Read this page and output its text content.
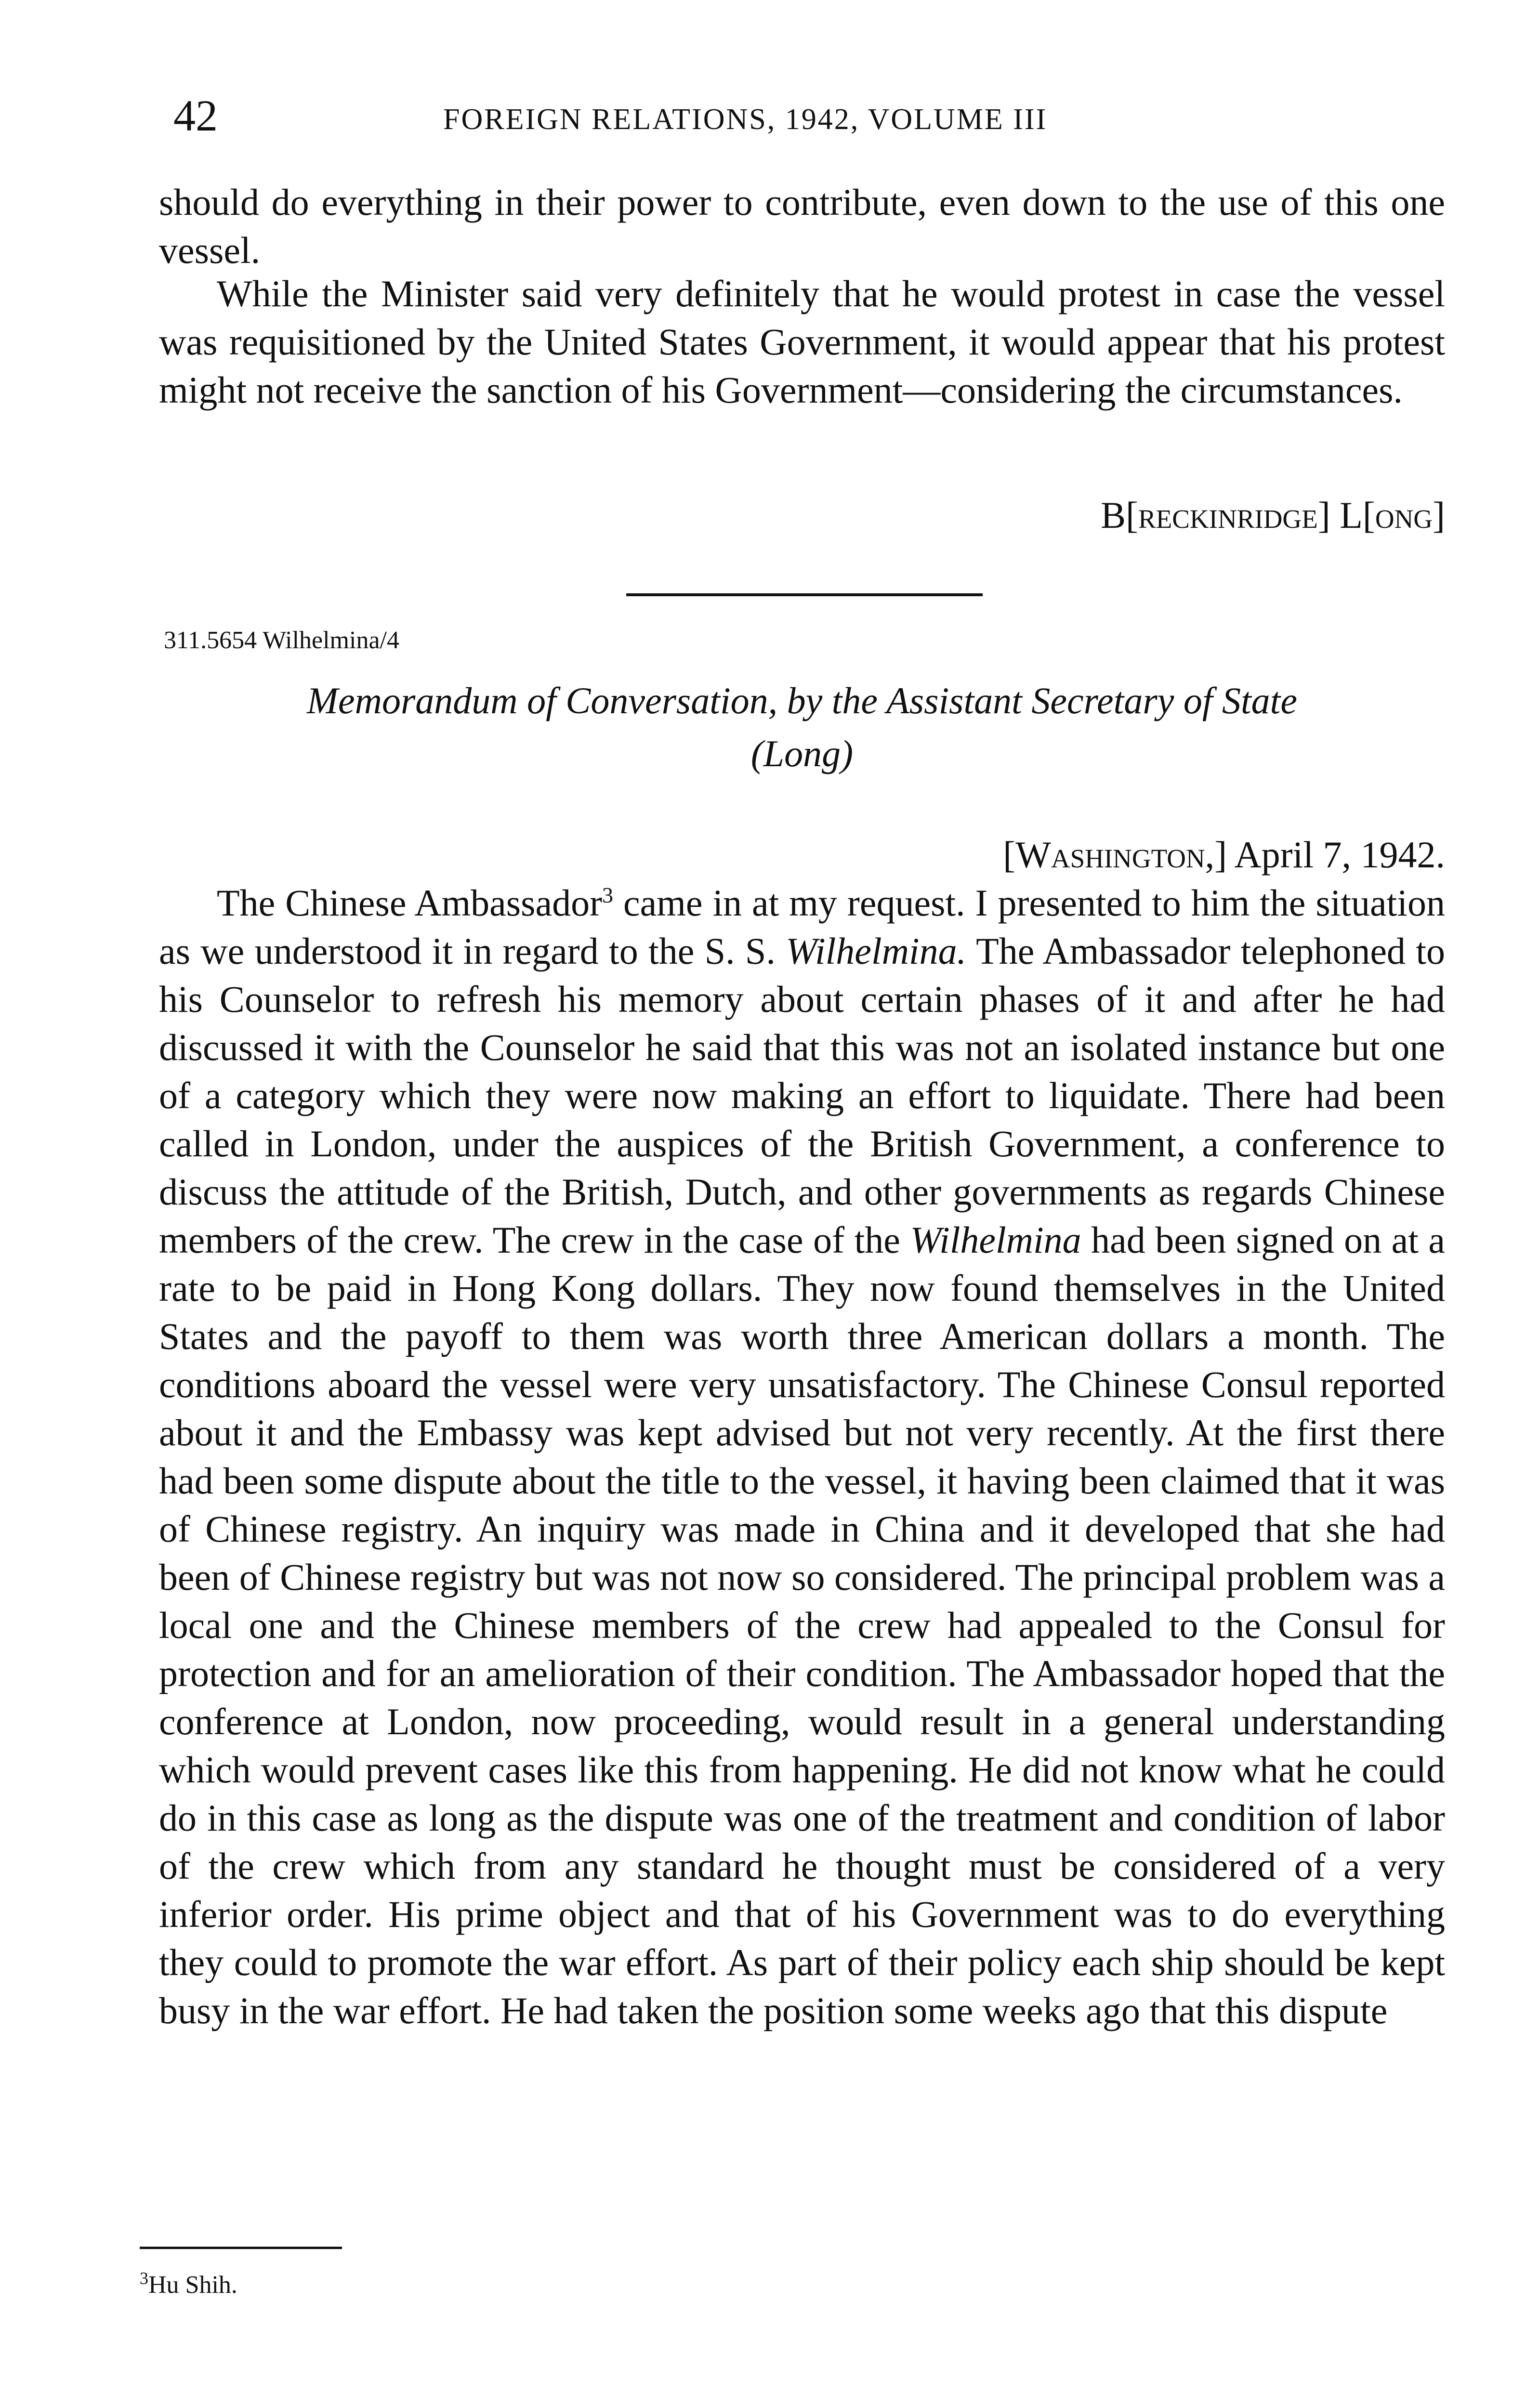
42	FOREIGN RELATIONS, 1942, VOLUME III

should do everything in their power to contribute, even down to the use of this one vessel.

While the Minister said very definitely that he would protest in case the vessel was requisitioned by the United States Government, it would appear that his protest might not receive the sanction of his Government—considering the circumstances.

B[reckinridge] L[ong]
311.5654 Wilhelmina/4
Memorandum of Conversation, by the Assistant Secretary of State
(Long)
[Washington,] April 7, 1942.

The Chinese Ambassador$^3$ came in at my request. I presented to him the situation as we understood it in regard to the S. S. Wilhelmina. The Ambassador telephoned to his Counselor to refresh his memory about certain phases of it and after he had discussed it with the Counselor he said that this was not an isolated instance but one of a category which they were now making an effort to liquidate. There had been called in London, under the auspices of the British Government, a conference to discuss the attitude of the British, Dutch, and other governments as regards Chinese members of the crew. The crew in the case of the Wilhelmina had been signed on at a rate to be paid in Hong Kong dollars. They now found themselves in the United States and the payoff to them was worth three American dollars a month. The conditions aboard the vessel were very unsatisfactory. The Chinese Consul reported about it and the Embassy was kept advised but not very recently. At the first there had been some dispute about the title to the vessel, it having been claimed that it was of Chinese registry. An inquiry was made in China and it developed that she had been of Chinese registry but was not now so considered. The principal problem was a local one and the Chinese members of the crew had appealed to the Consul for protection and for an amelioration of their condition. The Ambassador hoped that the conference at London, now proceeding, would result in a general understanding which would prevent cases like this from happening. He did not know what he could do in this case as long as the dispute was one of the treatment and condition of labor of the crew which from any standard he thought must be considered of a very inferior order. His prime object and that of his Government was to do everything they could to promote the war effort. As part of their policy each ship should be kept busy in the war effort. He had taken the position some weeks ago that this dispute

$^3$Hu Shih.
